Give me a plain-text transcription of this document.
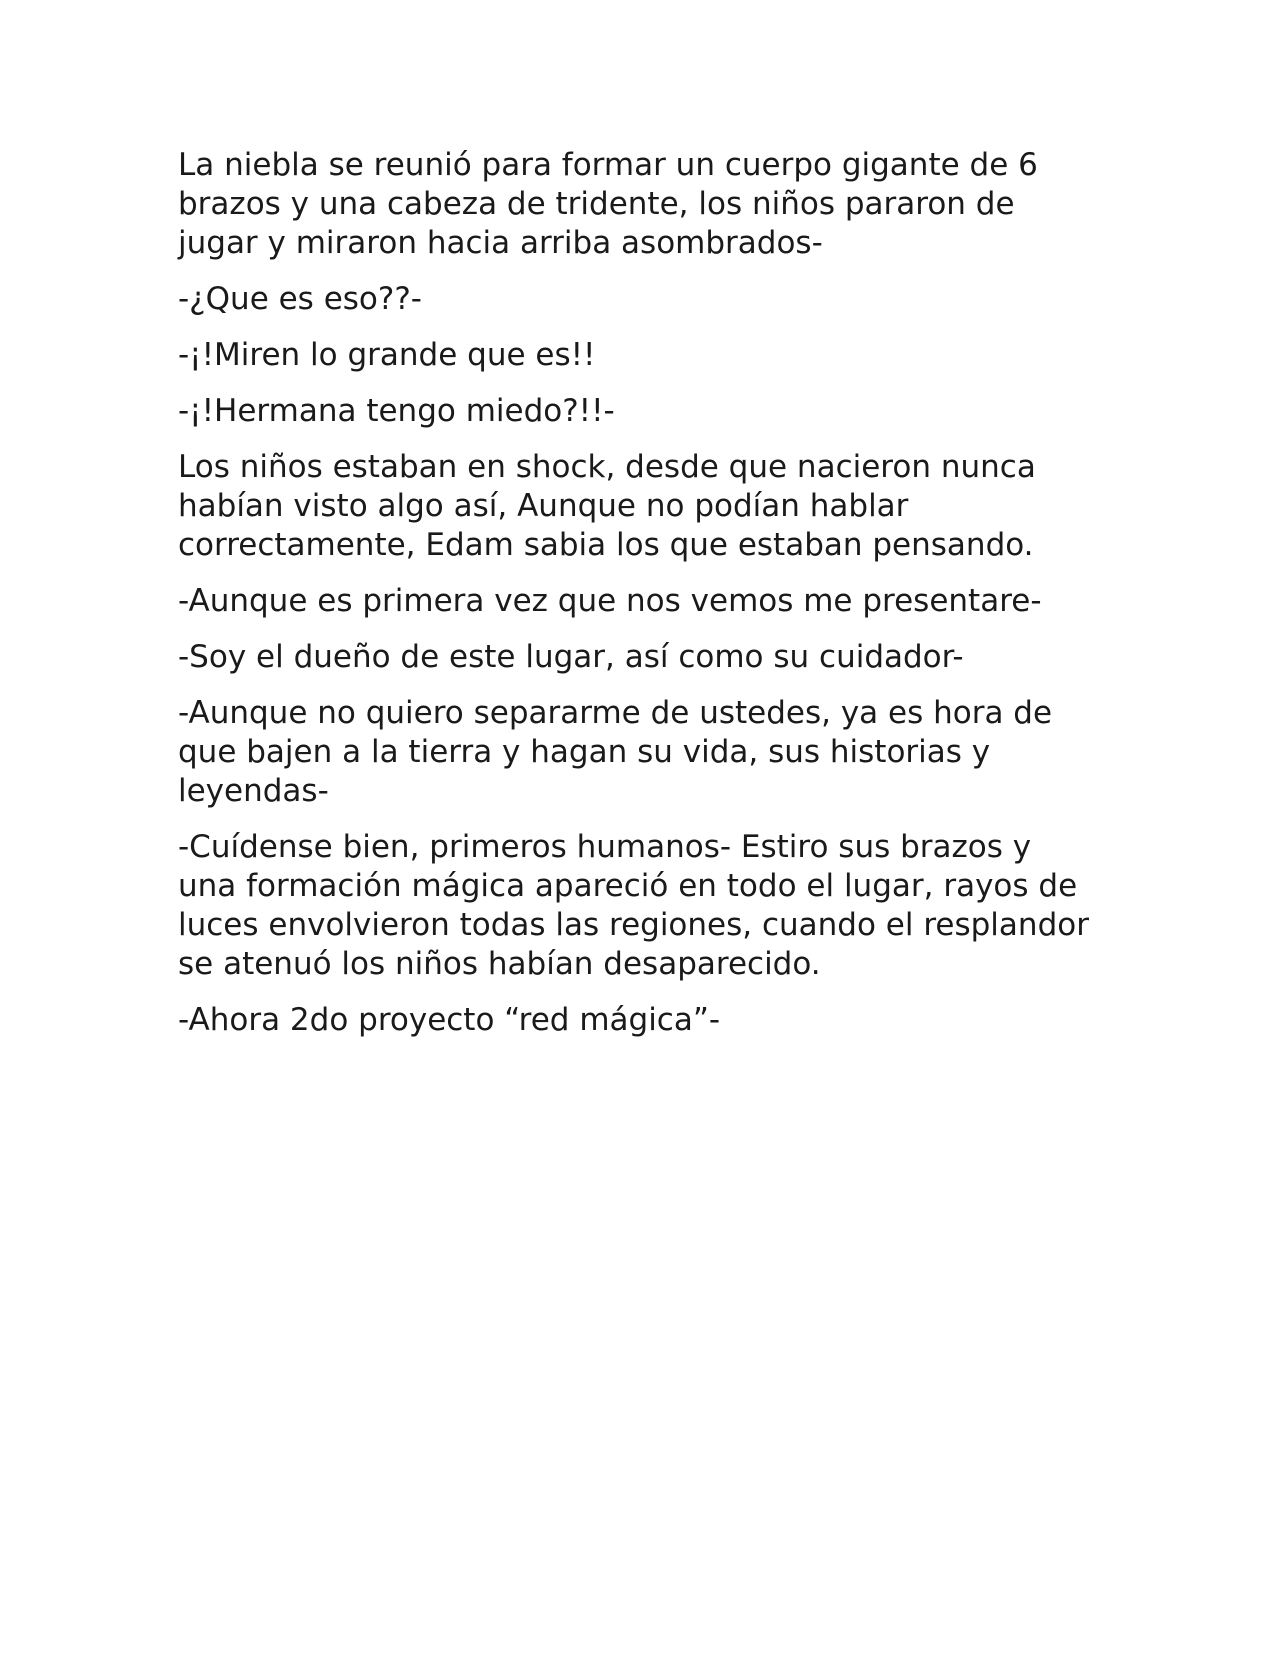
La niebla se reunió para formar un cuerpo gigante de 6
brazos y una cabeza de tridente, los niños pararon de
jugar y miraron hacia arriba asombrados-

-¿Que es eso??-

-¡!Miren lo grande que es!!

-¡!Hermana tengo miedo?!!-

Los niños estaban en shock, desde que nacieron nunca
habían visto algo así, Aunque no podían hablar
correctamente, Edam sabia los que estaban pensando.

-Aunque es primera vez que nos vemos me presentare-

-Soy el dueño de este lugar, así como su cuidador-

-Aunque no quiero separarme de ustedes, ya es hora de
que bajen a la tierra y hagan su vida, sus historias y
leyendas-

-Cuídense bien, primeros humanos- Estiro sus brazos y
una formación mágica apareció en todo el lugar, rayos de
luces envolvieron todas las regiones, cuando el resplandor
se atenuó los niños habían desaparecido.

-Ahora 2do proyecto “red mágica”-
